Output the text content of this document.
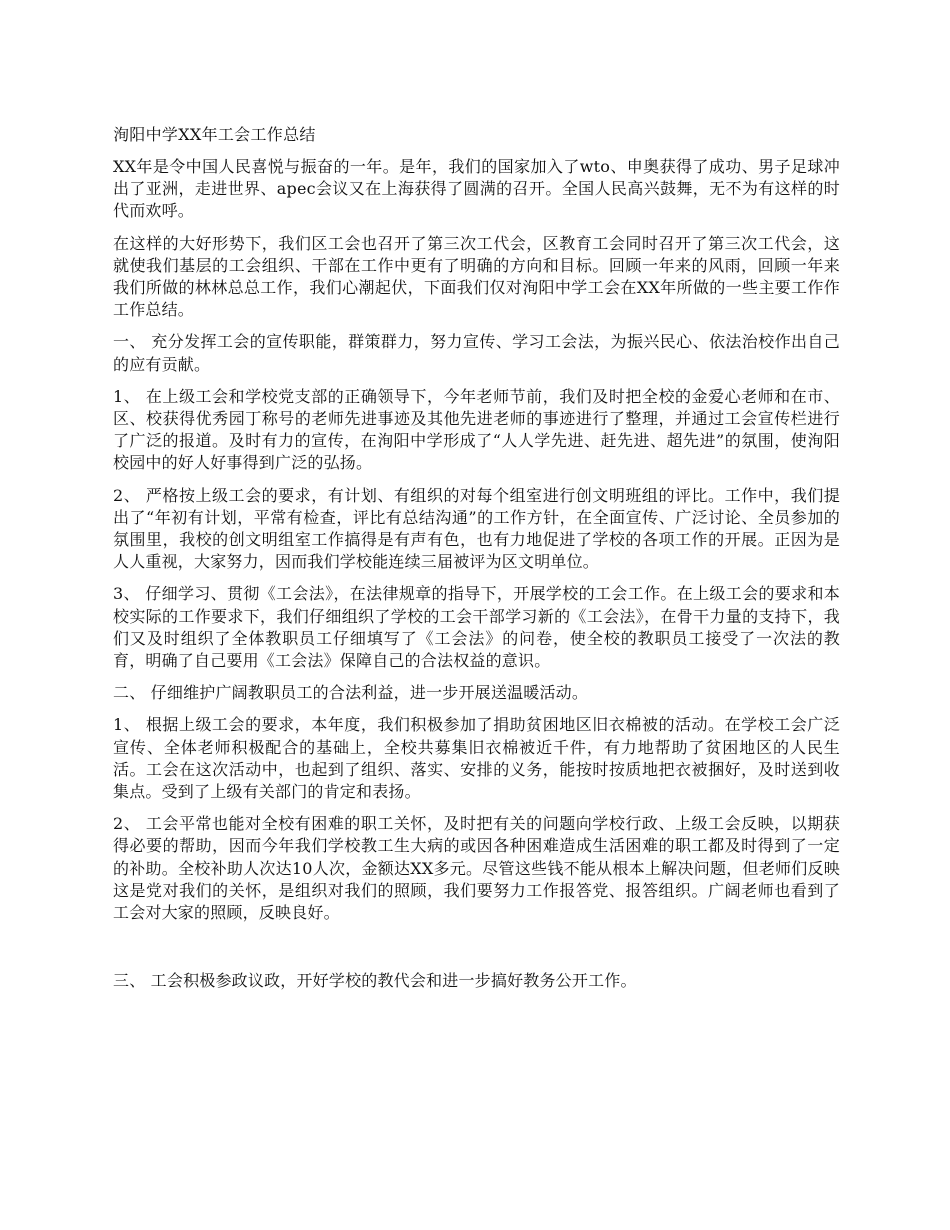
洵阳中学XX年工会工作总结

XX年是令中国人民喜悦与振奋的一年。是年，我们的国家加入了wto、申奥获得了成功、男子足球冲出了亚洲，走进世界、apec会议又在上海获得了圆满的召开。全国人民高兴鼓舞，无不为有这样的时代而欢呼。

在这样的大好形势下，我们区工会也召开了第三次工代会，区教育工会同时召开了第三次工代会，这就使我们基层的工会组织、干部在工作中更有了明确的方向和目标。回顾一年来的风雨，回顾一年来我们所做的林林总总工作，我们心潮起伏，下面我们仅对洵阳中学工会在XX年所做的一些主要工作作工作总结。

一、 充分发挥工会的宣传职能，群策群力，努力宣传、学习工会法，为振兴民心、依法治校作出自己的应有贡献。

1、 在上级工会和学校党支部的正确领导下，今年老师节前，我们及时把全校的金爱心老师和在市、区、校获得优秀园丁称号的老师先进事迹及其他先进老师的事迹进行了整理，并通过工会宣传栏进行了广泛的报道。及时有力的宣传，在洵阳中学形成了“人人学先进、赶先进、超先进”的氛围，使洵阳校园中的好人好事得到广泛的弘扬。

2、 严格按上级工会的要求，有计划、有组织的对每个组室进行创文明班组的评比。工作中，我们提出了“年初有计划，平常有检查，评比有总结沟通”的工作方针，在全面宣传、广泛讨论、全员参加的氛围里，我校的创文明组室工作搞得是有声有色，也有力地促进了学校的各项工作的开展。正因为是人人重视，大家努力，因而我们学校能连续三届被评为区文明单位。

3、 仔细学习、贯彻《工会法》，在法律规章的指导下，开展学校的工会工作。在上级工会的要求和本校实际的工作要求下，我们仔细组织了学校的工会干部学习新的《工会法》，在骨干力量的支持下，我们又及时组织了全体教职员工仔细填写了《工会法》的问卷，使全校的教职员工接受了一次法的教育，明确了自己要用《工会法》保障自己的合法权益的意识。

二、 仔细维护广阔教职员工的合法利益，进一步开展送温暖活动。

1、 根据上级工会的要求，本年度，我们积极参加了捐助贫困地区旧衣棉被的活动。在学校工会广泛宣传、全体老师积极配合的基础上，全校共募集旧衣棉被近千件，有力地帮助了贫困地区的人民生活。工会在这次活动中，也起到了组织、落实、安排的义务，能按时按质地把衣被捆好，及时送到收集点。受到了上级有关部门的肯定和表扬。

2、 工会平常也能对全校有困难的职工关怀，及时把有关的问题向学校行政、上级工会反映，以期获得必要的帮助，因而今年我们学校教工生大病的或因各种困难造成生活困难的职工都及时得到了一定的补助。全校补助人次达10人次，金额达XX多元。尽管这些钱不能从根本上解决问题，但老师们反映这是党对我们的关怀，是组织对我们的照顾，我们要努力工作报答党、报答组织。广阔老师也看到了工会对大家的照顾，反映良好。

三、 工会积极参政议政，开好学校的教代会和进一步搞好教务公开工作。
